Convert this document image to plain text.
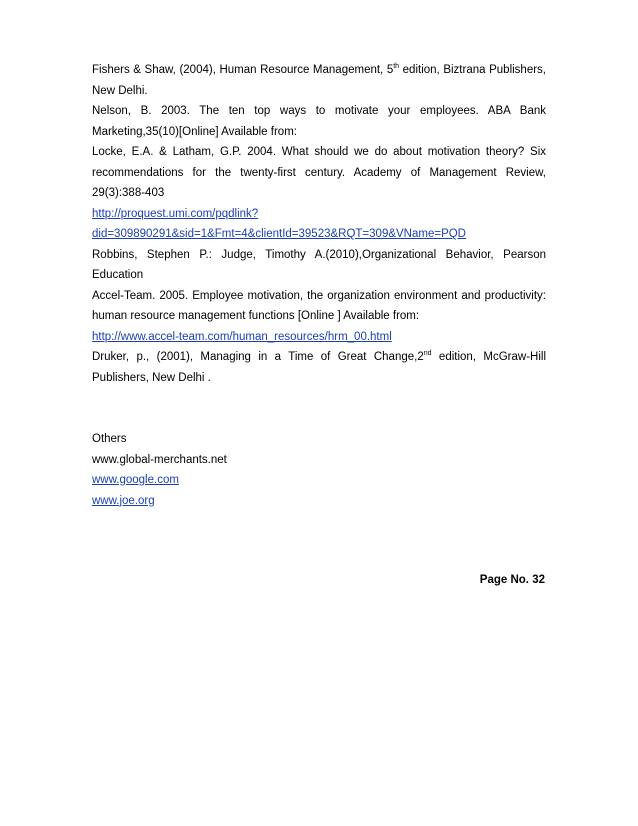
Fishers & Shaw, (2004), Human Resource Management, 5th edition, Biztrana Publishers,
New Delhi.
Nelson, B. 2003. The ten top ways to motivate your employees. ABA Bank
Marketing,35(10)[Online] Available from:
Locke, E.A. & Latham, G.P. 2004. What should we do about motivation theory? Six
recommendations for the twenty-first century. Academy of Management Review,
29(3):388-403
http://proquest.umi.com/pqdlink?
did=309890291&sid=1&Fmt=4&clientId=39523&RQT=309&VName=PQD
Robbins, Stephen P.: Judge, Timothy A.(2010),Organizational Behavior, Pearson
Education
Accel-Team. 2005. Employee motivation, the organization environment and productivity:
human resource management functions [Online ] Available from:
http://www.accel-team.com/human_resources/hrm_00.html
Druker, p., (2001), Managing in a Time of Great Change,2nd edition, McGraw-Hill
Publishers, New Delhi .
Others
www.global-merchants.net
www.google.com
www.joe.org
Page No. 32
